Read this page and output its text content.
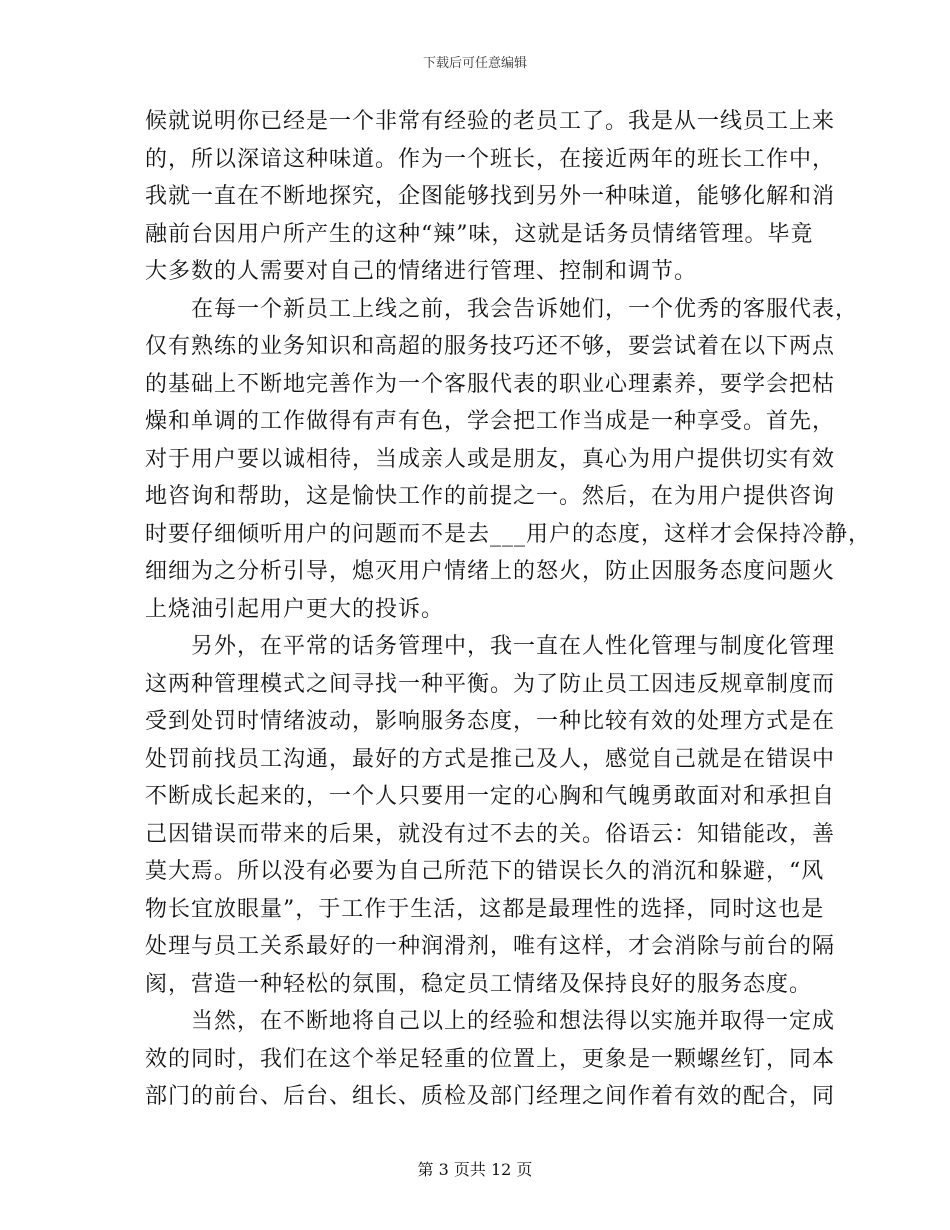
下载后可任意编辑
候就说明你已经是一个非常有经验的老员工了。我是从一线员工上来
的，所以深谙这种味道。作为一个班长，在接近两年的班长工作中，
我就一直在不断地探究，企图能够找到另外一种味道，能够化解和消
融前台因用户所产生的这种“辣”味，这就是话务员情绪管理。毕竟
大多数的人需要对自己的情绪进行管理、控制和调节。
在每一个新员工上线之前，我会告诉她们，一个优秀的客服代表，
仅有熟练的业务知识和高超的服务技巧还不够，要尝试着在以下两点
的基础上不断地完善作为一个客服代表的职业心理素养，要学会把枯
燥和单调的工作做得有声有色，学会把工作当成是一种享受。首先，
对于用户要以诚相待，当成亲人或是朋友，真心为用户提供切实有效
地咨询和帮助，这是愉快工作的前提之一。然后，在为用户提供咨询
时要仔细倾听用户的问题而不是去___用户的态度，这样才会保持冷静，
细细为之分析引导，熄灭用户情绪上的怒火，防止因服务态度问题火
上烧油引起用户更大的投诉。
另外，在平常的话务管理中，我一直在人性化管理与制度化管理
这两种管理模式之间寻找一种平衡。为了防止员工因违反规章制度而
受到处罚时情绪波动，影响服务态度，一种比较有效的处理方式是在
处罚前找员工沟通，最好的方式是推己及人，感觉自己就是在错误中
不断成长起来的，一个人只要用一定的心胸和气魄勇敢面对和承担自
己因错误而带来的后果，就没有过不去的关。俗语云：知错能改，善
莫大焉。所以没有必要为自己所范下的错误长久的消沉和躲避，“风
物长宜放眼量”，于工作于生活，这都是最理性的选择，同时这也是
处理与员工关系最好的一种润滑剂，唯有这样，才会消除与前台的隔
阂，营造一种轻松的氛围，稳定员工情绪及保持良好的服务态度。
当然，在不断地将自己以上的经验和想法得以实施并取得一定成
效的同时，我们在这个举足轻重的位置上，更象是一颗螺丝钉，同本
部门的前台、后台、组长、质检及部门经理之间作着有效的配合，同
第 3 页共 12 页
